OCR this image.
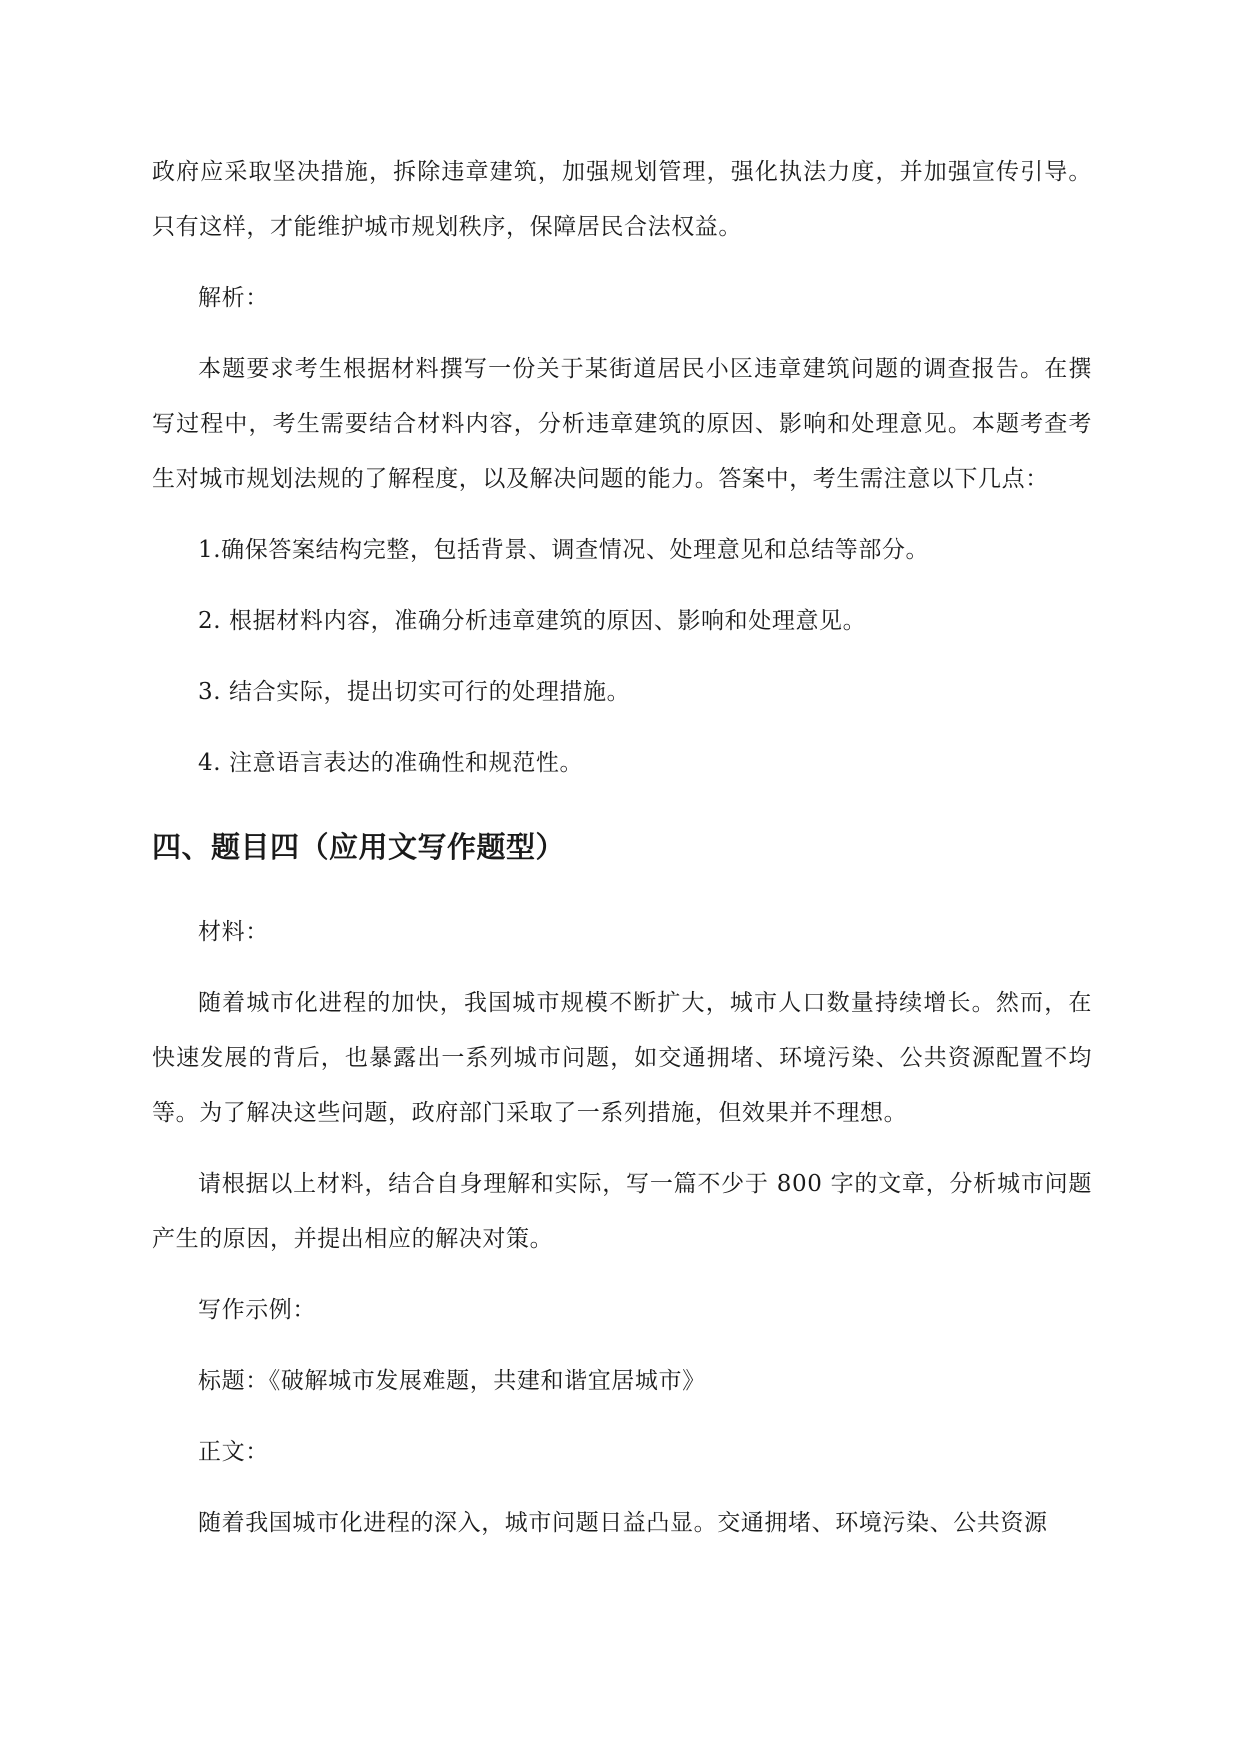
政府应采取坚决措施，拆除违章建筑，加强规划管理，强化执法力度，并加强宣传引导。只有这样，才能维护城市规划秩序，保障居民合法权益。

解析：

本题要求考生根据材料撰写一份关于某街道居民小区违章建筑问题的调查报告。在撰写过程中，考生需要结合材料内容，分析违章建筑的原因、影响和处理意见。本题考查考生对城市规划法规的了解程度，以及解决问题的能力。答案中，考生需注意以下几点：

1.确保答案结构完整，包括背景、调查情况、处理意见和总结等部分。

2. 根据材料内容，准确分析违章建筑的原因、影响和处理意见。

3. 结合实际，提出切实可行的处理措施。

4. 注意语言表达的准确性和规范性。

四、题目四（应用文写作题型）

材料：

随着城市化进程的加快，我国城市规模不断扩大，城市人口数量持续增长。然而，在快速发展的背后，也暴露出一系列城市问题，如交通拥堵、环境污染、公共资源配置不均等。为了解决这些问题，政府部门采取了一系列措施，但效果并不理想。

请根据以上材料，结合自身理解和实际，写一篇不少于 800 字的文章，分析城市问题产生的原因，并提出相应的解决对策。

写作示例：

标题：《破解城市发展难题，共建和谐宜居城市》

正文：

随着我国城市化进程的深入，城市问题日益凸显。交通拥堵、环境污染、公共资源
